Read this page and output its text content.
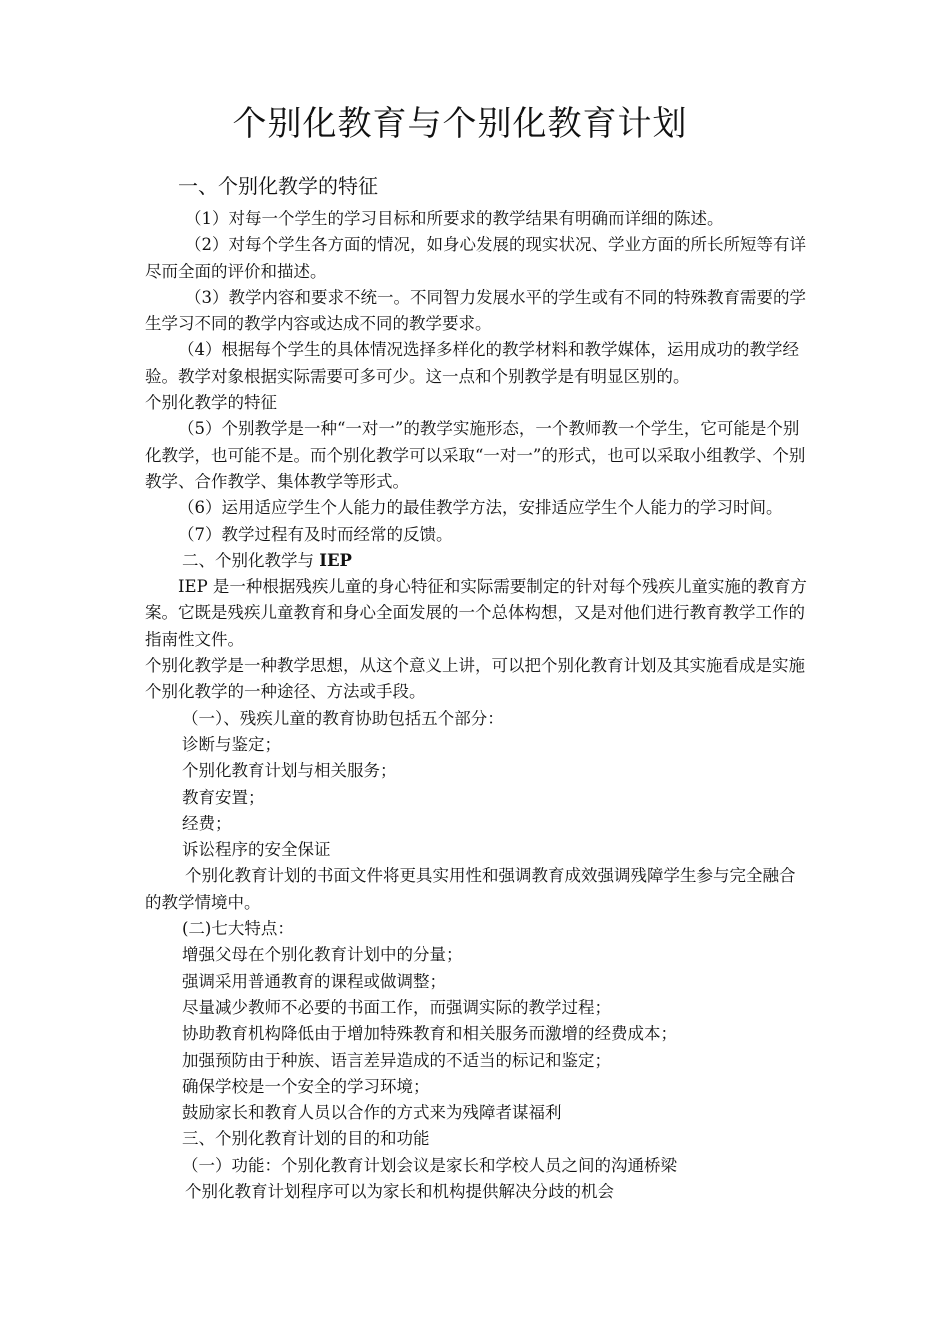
个别化教育与个别化教育计划
一、个别化教学的特征

（1）对每一个学生的学习目标和所要求的教学结果有明确而详细的陈述。

（2）对每个学生各方面的情况，如身心发展的现实状况、学业方面的所长所短等有详尽而全面的评价和描述。

（3）教学内容和要求不统一。不同智力发展水平的学生或有不同的特殊教育需要的学生学习不同的教学内容或达成不同的教学要求。

（4）根据每个学生的具体情况选择多样化的教学材料和教学媒体，运用成功的教学经验。教学对象根据实际需要可多可少。这一点和个别教学是有明显区别的。

个别化教学的特征

（5）个别教学是一种“一对一”的教学实施形态，一个教师教一个学生，它可能是个别化教学，也可能不是。而个别化教学可以采取“一对一”的形式，也可以采取小组教学、个别教学、合作教学、集体教学等形式。

（6）运用适应学生个人能力的最佳教学方法，安排适应学生个人能力的学习时间。

（7）教学过程有及时而经常的反馈。

二、个别化教学与 IEP

IEP 是一种根据残疾儿童的身心特征和实际需要制定的针对每个残疾儿童实施的教育方案。它既是残疾儿童教育和身心全面发展的一个总体构想，又是对他们进行教育教学工作的指南性文件。

个别化教学是一种教学思想，从这个意义上讲，可以把个别化教育计划及其实施看成是实施个别化教学的一种途径、方法或手段。

（一）、残疾儿童的教育协助包括五个部分：

诊断与鉴定；

个别化教育计划与相关服务；

教育安置；

经费；

诉讼程序的安全保证

个别化教育计划的书面文件将更具实用性和强调教育成效强调残障学生参与完全融合的教学情境中。

(二)七大特点：

增强父母在个别化教育计划中的分量；

强调采用普通教育的课程或做调整；

尽量减少教师不必要的书面工作，而强调实际的教学过程；

协助教育机构降低由于增加特殊教育和相关服务而激增的经费成本；

加强预防由于种族、语言差异造成的不适当的标记和鉴定；

确保学校是一个安全的学习环境；

鼓励家长和教育人员以合作的方式来为残障者谋福利

三、个别化教育计划的目的和功能

（一）功能：个别化教育计划会议是家长和学校人员之间的沟通桥梁

个别化教育计划程序可以为家长和机构提供解决分歧的机会
